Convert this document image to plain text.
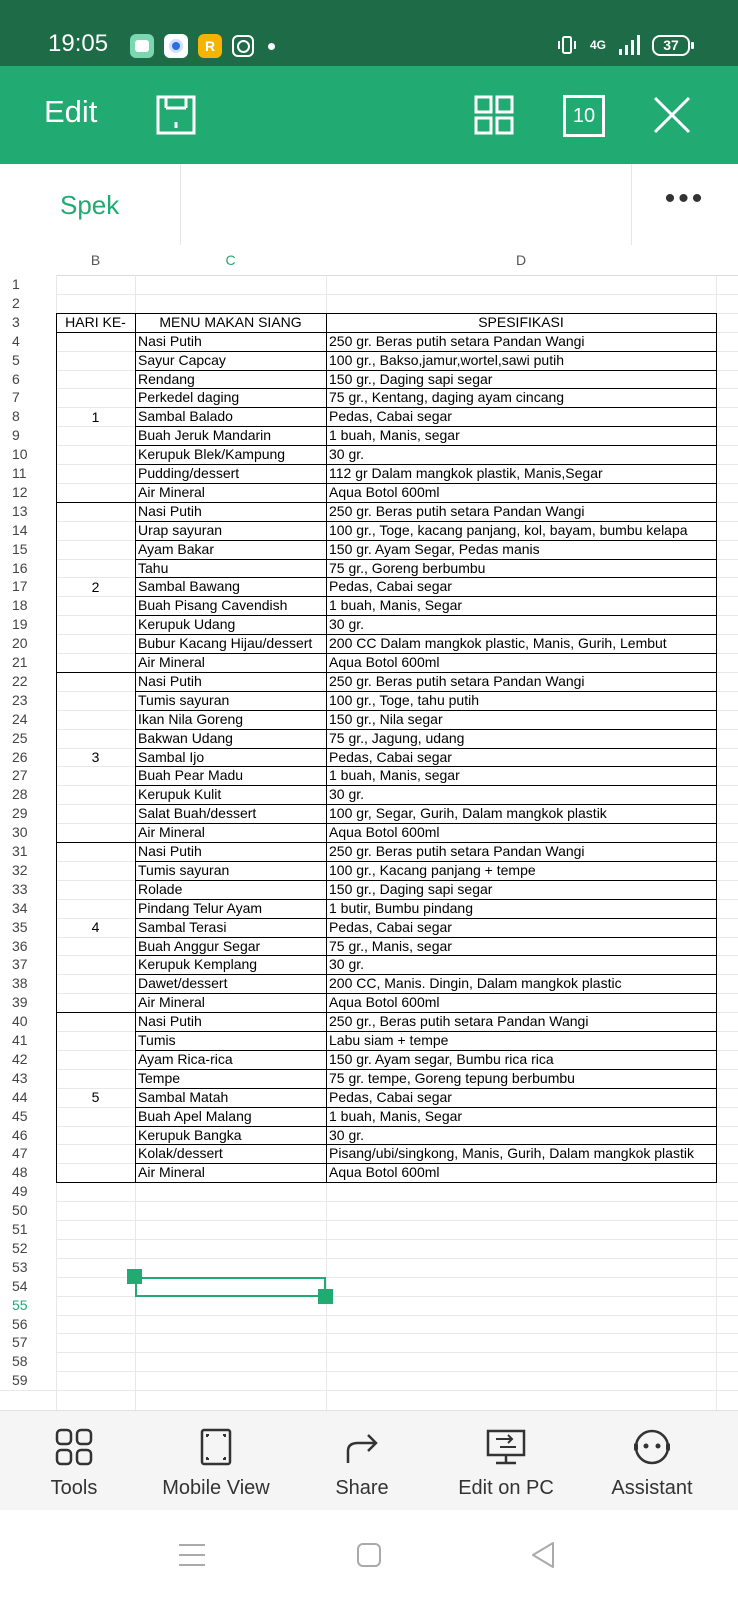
19:05	R	4G	37
Edit	10
Spek	•••
B	C	D
1
2
3
4
5
6
7
8
9
10
11
12
13
14
15
16
17
18
19
20
21
22
23
24
25
26
27
28
29
30
31
32
33
34
35
36
37
38
39
40
41
42
43
44
45
46
47
48
49
50
51
52
53
54
55
56
57
58
59
HARI KE-	MENU MAKAN SIANG	SPESIFIKASI
Nasi Putih	250 gr. Beras putih setara Pandan Wangi
Sayur Capcay	100 gr., Bakso,jamur,wortel,sawi putih
Rendang	150 gr., Daging sapi segar
Perkedel daging	75 gr., Kentang, daging ayam cincang
Sambal Balado	Pedas, Cabai segar
Buah Jeruk Mandarin	1 buah, Manis, segar
Kerupuk Blek/Kampung	30 gr.
Pudding/dessert	112 gr Dalam mangkok plastik, Manis,Segar
Air Mineral	Aqua Botol 600ml
1
Nasi Putih	250 gr. Beras putih setara Pandan Wangi
Urap sayuran	100 gr., Toge, kacang panjang, kol, bayam, bumbu kelapa
Ayam Bakar	150 gr. Ayam Segar, Pedas manis
Tahu	75 gr., Goreng berbumbu
Sambal Bawang	Pedas, Cabai segar
Buah Pisang Cavendish	1 buah, Manis, Segar
Kerupuk Udang	30 gr.
Bubur Kacang Hijau/dessert	200 CC Dalam mangkok plastic, Manis, Gurih, Lembut
Air Mineral	Aqua Botol 600ml
2
Nasi Putih	250 gr. Beras putih setara Pandan Wangi
Tumis sayuran	100 gr., Toge, tahu putih
Ikan Nila Goreng	150 gr., Nila segar
Bakwan Udang	75 gr., Jagung, udang
Sambal Ijo	Pedas, Cabai segar
Buah Pear Madu	1 buah, Manis, segar
Kerupuk Kulit	30 gr.
Salat Buah/dessert	100 gr, Segar, Gurih, Dalam mangkok plastik
Air Mineral	Aqua Botol 600ml
3
Nasi Putih	250 gr. Beras putih setara Pandan Wangi
Tumis sayuran	100 gr., Kacang panjang + tempe
Rolade	150 gr., Daging sapi segar
Pindang Telur Ayam	1 butir, Bumbu pindang
Sambal Terasi	Pedas, Cabai segar
Buah Anggur Segar	75 gr., Manis, segar
Kerupuk Kemplang	30 gr.
Dawet/dessert	200 CC, Manis. Dingin, Dalam mangkok plastic
Air Mineral	Aqua Botol 600ml
4
Nasi Putih	250 gr., Beras putih setara Pandan Wangi
Tumis	Labu siam + tempe
Ayam Rica-rica	150 gr. Ayam segar, Bumbu rica rica
Tempe	75 gr. tempe, Goreng tepung berbumbu
Sambal Matah	Pedas, Cabai segar
Buah Apel Malang	1 buah, Manis, Segar
Kerupuk Bangka	30 gr.
Kolak/dessert	Pisang/ubi/singkong, Manis, Gurih, Dalam mangkok plastik
Air Mineral	Aqua Botol 600ml
5
Tools	Mobile View	Share	Edit on PC	Assistant
